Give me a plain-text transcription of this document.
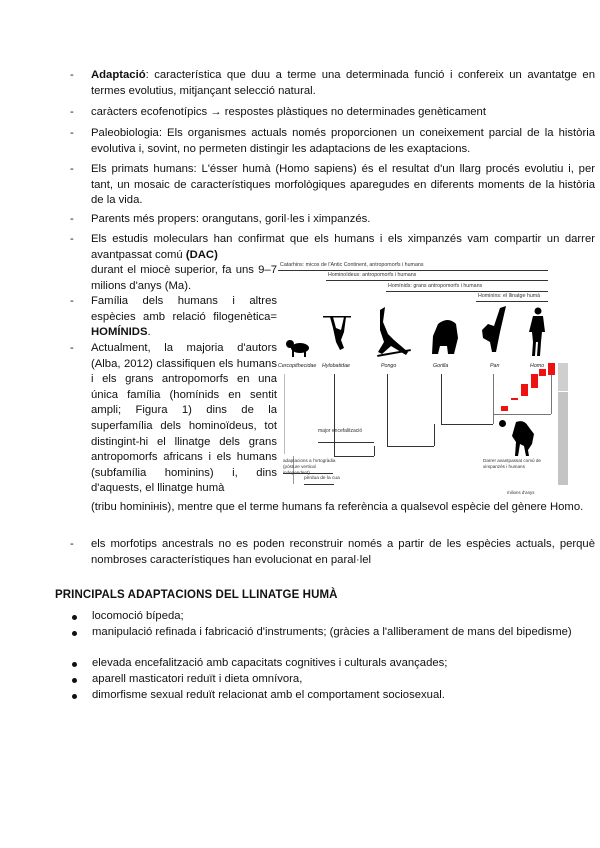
-	Adaptació: característica que duu a terme una determinada funció i confereix un avantatge en termes evolutius, mitjançant selecció natural.
-	caràcters ecofenotípics → respostes plàstiques no determinades genèticament
-	Paleobiologia: Els organismes actuals només proporcionen un coneixement parcial de la història evolutiva i, sovint, no permeten distingir les adaptacions de les exaptacions.
-	Els primats humans: L'ésser humà (Homo sapiens) és el resultat d'un llarg procés evolutiu i, per tant, un mosaic de característiques morfològiques aparegudes en diferents moments de la història de la vida.
-	Parents més propers: orangutans, goril·les i ximpanzés.
-	Els estudis moleculars han confirmat que els humans i els ximpanzés vam compartir un darrer avantpassat comú (DAC)
durant el miocè superior, fa uns 9–7 milions d'anys (Ma).
-	Família dels humans i altres espècies amb relació filogenètica= HOMÍNIDS.
-	Actualment, la majoria d'autors (Alba, 2012) classifiquen els humans i els grans antropomorfs en una única família (homínids en sentit ampli; Figura 1) dins de la superfamília dels hominoïdeus, tot distingint-hi el llinatge dels grans antropomorfs africans i els humans (subfamília hominins) i, dins d'aquests, el llinatge humà
(tribu hominінis), mentre que el terme humans fa referència a qualsevol espècie del gènere Homo.
-	els morfotips ancestrals no es poden reconstruir només a partir de les espècies actuals, perquè nombroses característiques han evolucionat en paral·lel
PRINCIPALS ADAPTACIONS DEL LLINATGE HUMÀ
locomoció bípeda;
manipulació refinada i fabricació d'instruments; (gràcies a l'alliberament de mans del bipedisme)
elevada encefalització amb capacitats cognitives i culturals avançades;
aparell masticatori reduït i dieta omnívora,
dimorfisme sexual reduït relacionat amb el comportament sociosexual.
Catarhins: micos de l'Antic Continent, antropomorfs i humans
Hominoïdeus: antropomorfs i humans
Homínids: grans antropomorfs i humans
Hominins: el llinatge humà
Cercopithecidae Hylobatidae	Pongo	Gorilla	Pan	Homo
Darrer avantpassat comú de ximpanzés i humans
major encefalització
adaptacions a l'ortogràdia (pòsture vertical independent)
pèrdua de la cua
milions d'anys
